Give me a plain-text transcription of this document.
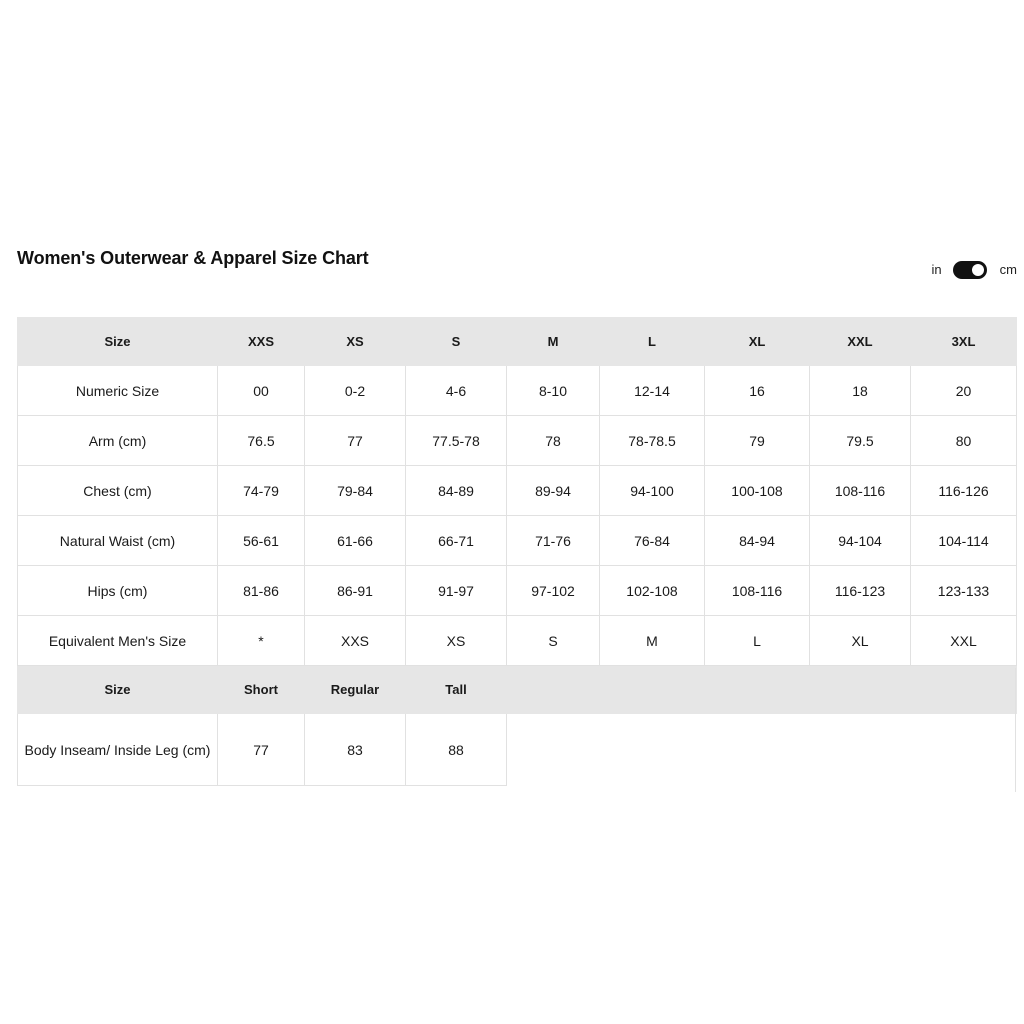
Women's Outerwear & Apparel Size Chart
in	cm
Size	XXS	XS	S	M	L	XL	XXL	3XL
Numeric Size	00	0-2	4-6	8-10	12-14	16	18	20
Arm (cm)	76.5	77	77.5-78	78	78-78.5	79	79.5	80
Chest (cm)	74-79	79-84	84-89	89-94	94-100	100-108	108-116	116-126
Natural Waist (cm)	56-61	61-66	66-71	71-76	76-84	84-94	94-104	104-114
Hips (cm)	81-86	86-91	91-97	97-102	102-108	108-116	116-123	123-133
Equivalent Men's Size	*	XXS	XS	S	M	L	XL	XXL
Size	Short	Regular	Tall					
Body Inseam/ Inside Leg (cm)	77	83	88					
